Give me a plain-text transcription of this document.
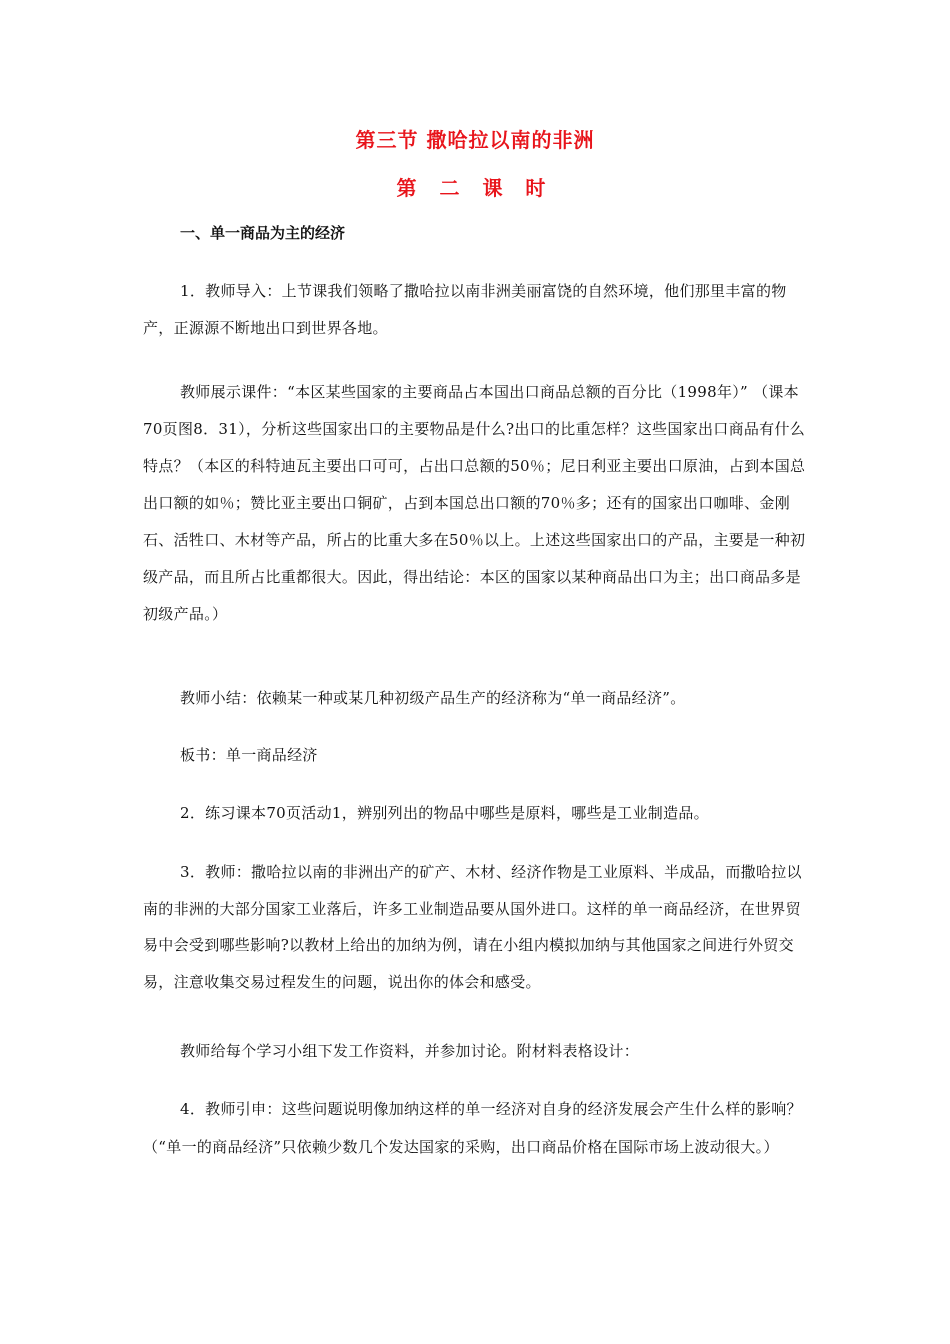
第三节 撒哈拉以南的非洲
第 二 课 时
一、单一商品为主的经济
1．教师导入：上节课我们领略了撒哈拉以南非洲美丽富饶的自然环境，他们那里丰富的物产，正源源不断地出口到世界各地。
教师展示课件：“本区某些国家的主要商品占本国出口商品总额的百分比（1998年）” （课本70页图8．31），分析这些国家出口的主要物品是什么?出口的比重怎样？这些国家出口商品有什么特点？（本区的科特迪瓦主要出口可可，占出口总额的50％；尼日利亚主要出口原油，占到本国总出口额的如％；赞比亚主要出口铜矿，占到本国总出口额的70％多；还有的国家出口咖啡、金刚石、活牲口、木材等产品，所占的比重大多在50％以上。上述这些国家出口的产品，主要是一种初级产品，而且所占比重都很大。因此，得出结论：本区的国家以某种商品出口为主；出口商品多是初级产品。）
教师小结：依赖某一种或某几种初级产品生产的经济称为“单一商品经济”。
板书：单一商品经济
2．练习课本70页活动1，辨别列出的物品中哪些是原料，哪些是工业制造品。
3．教师：撒哈拉以南的非洲出产的矿产、木材、经济作物是工业原料、半成品，而撒哈拉以南的非洲的大部分国家工业落后，许多工业制造品要从国外进口。这样的单一商品经济，在世界贸易中会受到哪些影响?以教材上给出的加纳为例，请在小组内模拟加纳与其他国家之间进行外贸交易，注意收集交易过程发生的问题，说出你的体会和感受。
教师给每个学习小组下发工作资料，并参加讨论。附材料表格设计：
4．教师引申：这些问题说明像加纳这样的单一经济对自身的经济发展会产生什么样的影响？（“单一的商品经济”只依赖少数几个发达国家的采购，出口商品价格在国际市场上波动很大。）
